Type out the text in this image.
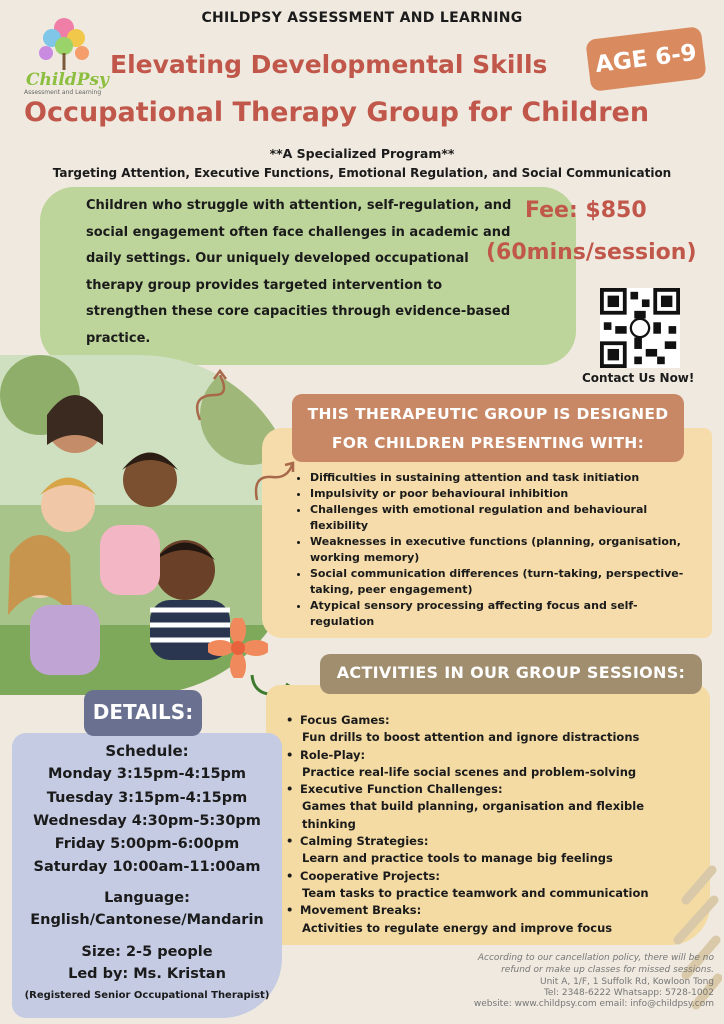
CHILDPSY ASSESSMENT AND LEARNING
ChildPsy
Assessment and Learning
Elevating Developmental Skills
Occupational Therapy Group for Children
AGE 6-9
**A Specialized Program**
Targeting Attention, Executive Functions, Emotional Regulation, and Social Communication
Children who struggle with attention, self-regulation, and social engagement often face challenges in academic and daily settings. Our uniquely developed occupational therapy group provides targeted intervention to strengthen these core capacities through evidence-based practice.
Fee: $850
(60mins/session)
Contact Us Now!
THIS THERAPEUTIC GROUP IS DESIGNED
FOR CHILDREN PRESENTING WITH:
• Difficulties in sustaining attention and task initiation
• Impulsivity or poor behavioural inhibition
• Challenges with emotional regulation and behavioural flexibility
• Weaknesses in executive functions (planning, organisation, working memory)
• Social communication differences (turn-taking, perspective-taking, peer engagement)
• Atypical sensory processing affecting focus and self-regulation
ACTIVITIES IN OUR GROUP SESSIONS:
• Focus Games:
Fun drills to boost attention and ignore distractions
• Role-Play:
Practice real-life social scenes and problem-solving
• Executive Function Challenges:
Games that build planning, organisation and flexible thinking
• Calming Strategies:
Learn and practice tools to manage big feelings
• Cooperative Projects:
Team tasks to practice teamwork and communication
• Movement Breaks:
Activities to regulate energy and improve focus
DETAILS:
Schedule:
Monday 3:15pm-4:15pm
Tuesday 3:15pm-4:15pm
Wednesday 4:30pm-5:30pm
Friday 5:00pm-6:00pm
Saturday 10:00am-11:00am
Language:
English/Cantonese/Mandarin
Size: 2-5 people
Led by: Ms. Kristan
(Registered Senior Occupational Therapist)
According to our cancellation policy, there will be no
refund or make up classes for missed sessions.
Unit A, 1/F, 1 Suffolk Rd, Kowloon Tong
Tel: 2348-6222 Whatsapp: 5728-1002
website: www.childpsy.com email: info@childpsy.com
